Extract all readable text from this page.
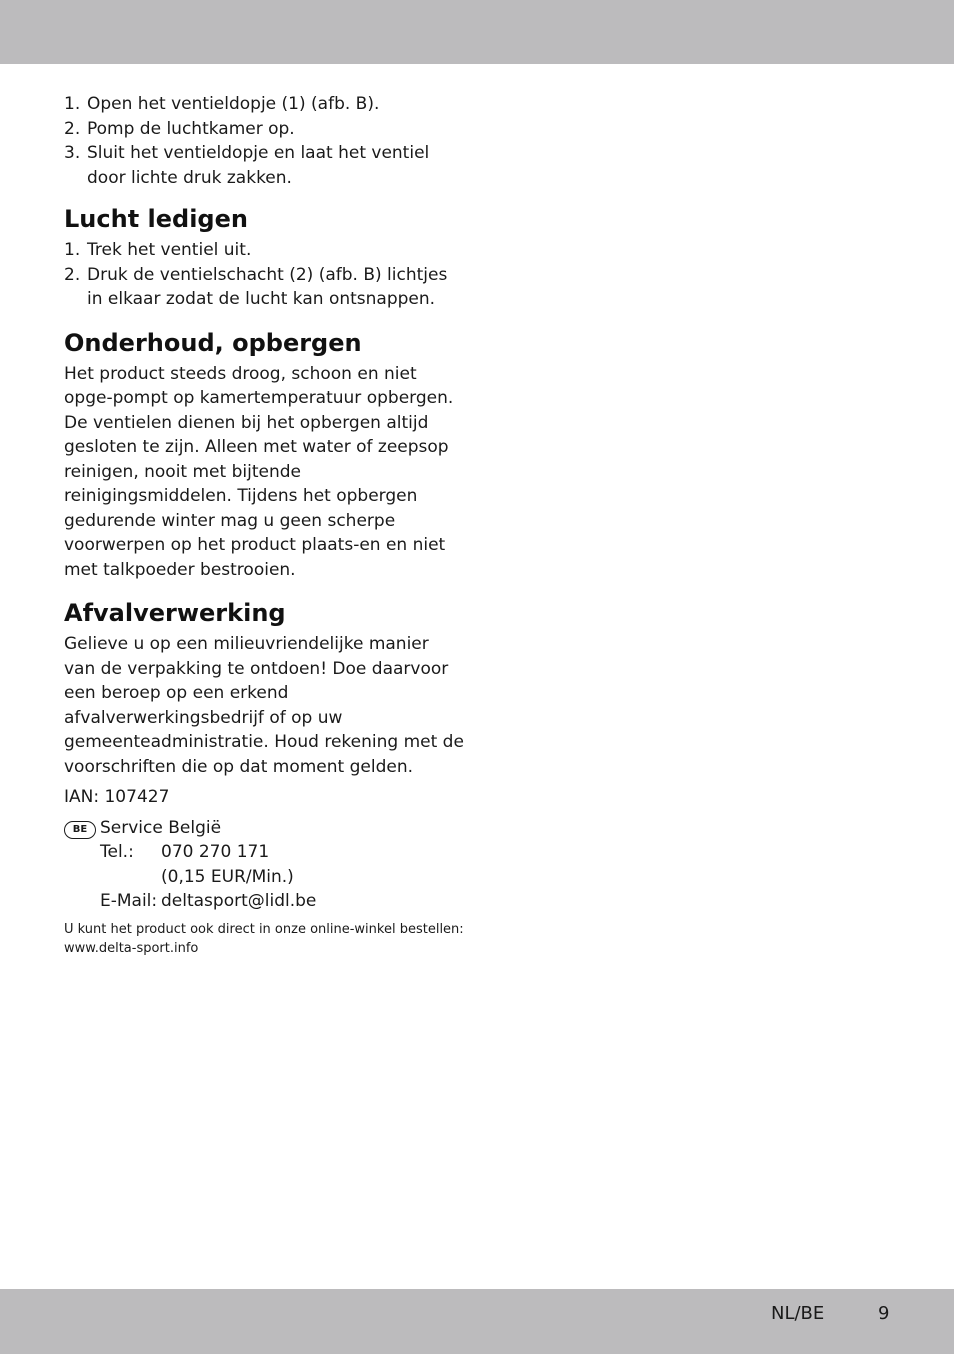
1. Open het ventieldopje (1) (afb. B).
2. Pomp de luchtkamer op.
3. Sluit het ventieldopje en laat het ventiel door lichte druk zakken.
Lucht ledigen
1. Trek het ventiel uit.
2. Druk de ventielschacht (2) (afb. B) lichtjes in elkaar zodat de lucht kan ontsnappen.
Onderhoud, opbergen

Het product steeds droog, schoon en niet opge-pompt op kamertemperatuur opbergen.

De ventielen dienen bij het opbergen altijd gesloten te zijn. Alleen met water of zeepsop reinigen, nooit met bijtende reinigingsmiddelen. Tijdens het opbergen gedurende winter mag u geen scherpe voorwerpen op het product plaats-en en niet met talkpoeder bestrooien.

Afvalverwerking

Gelieve u op een milieuvriendelijke manier van de verpakking te ontdoen! Doe daarvoor een beroep op een erkend afvalverwerkingsbedrijf of op uw gemeenteadministratie. Houd rekening met de voorschriften die op dat moment gelden.

IAN: 107427

BE Service België

Tel.:	070 270 171
(0,15 EUR/Min.)
E-Mail: deltasport@lidl.be
U kunt het product ook direct in onze online-winkel bestellen:
www.delta-sport.info
NL/BE	9
